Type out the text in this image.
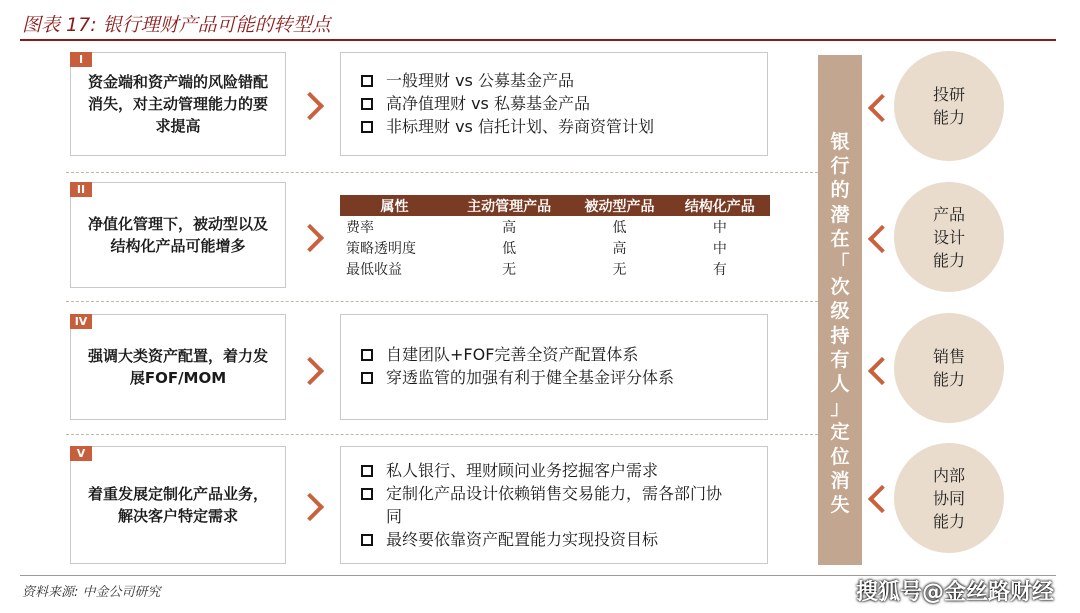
图表 17: 银行理财产品可能的转型点
资金端和资产端的风险错配消失，对主动管理能力的要求提高
I
一般理财 vs 公募基金产品
高净值理财 vs 私募基金产品
非标理财 vs 信托计划、券商资管计划
净值化管理下，被动型以及结构化产品可能增多
II
属性	主动管理产品	被动型产品	结构化产品
费率	高	低	中
策略透明度	低	高	中
最低收益	无	无	有
强调大类资产配置，着力发展FOF/MOM
IV
自建团队+FOF完善全资产配置体系
穿透监管的加强有利于健全基金评分体系
着重发展定制化产品业务，解决客户特定需求
V
私人银行、理财顾问业务挖掘客户需求
定制化产品设计依赖销售交易能力，需各部门协同
最终要依靠资产配置能力实现投资目标
银
行
的
潜
在
「
次
级
持
有
人
」
定
位
消
失
投研
能力
产品
设计
能力
销售
能力
内部
协同
能力
资料来源: 中金公司研究	搜狐号@金丝路财经
